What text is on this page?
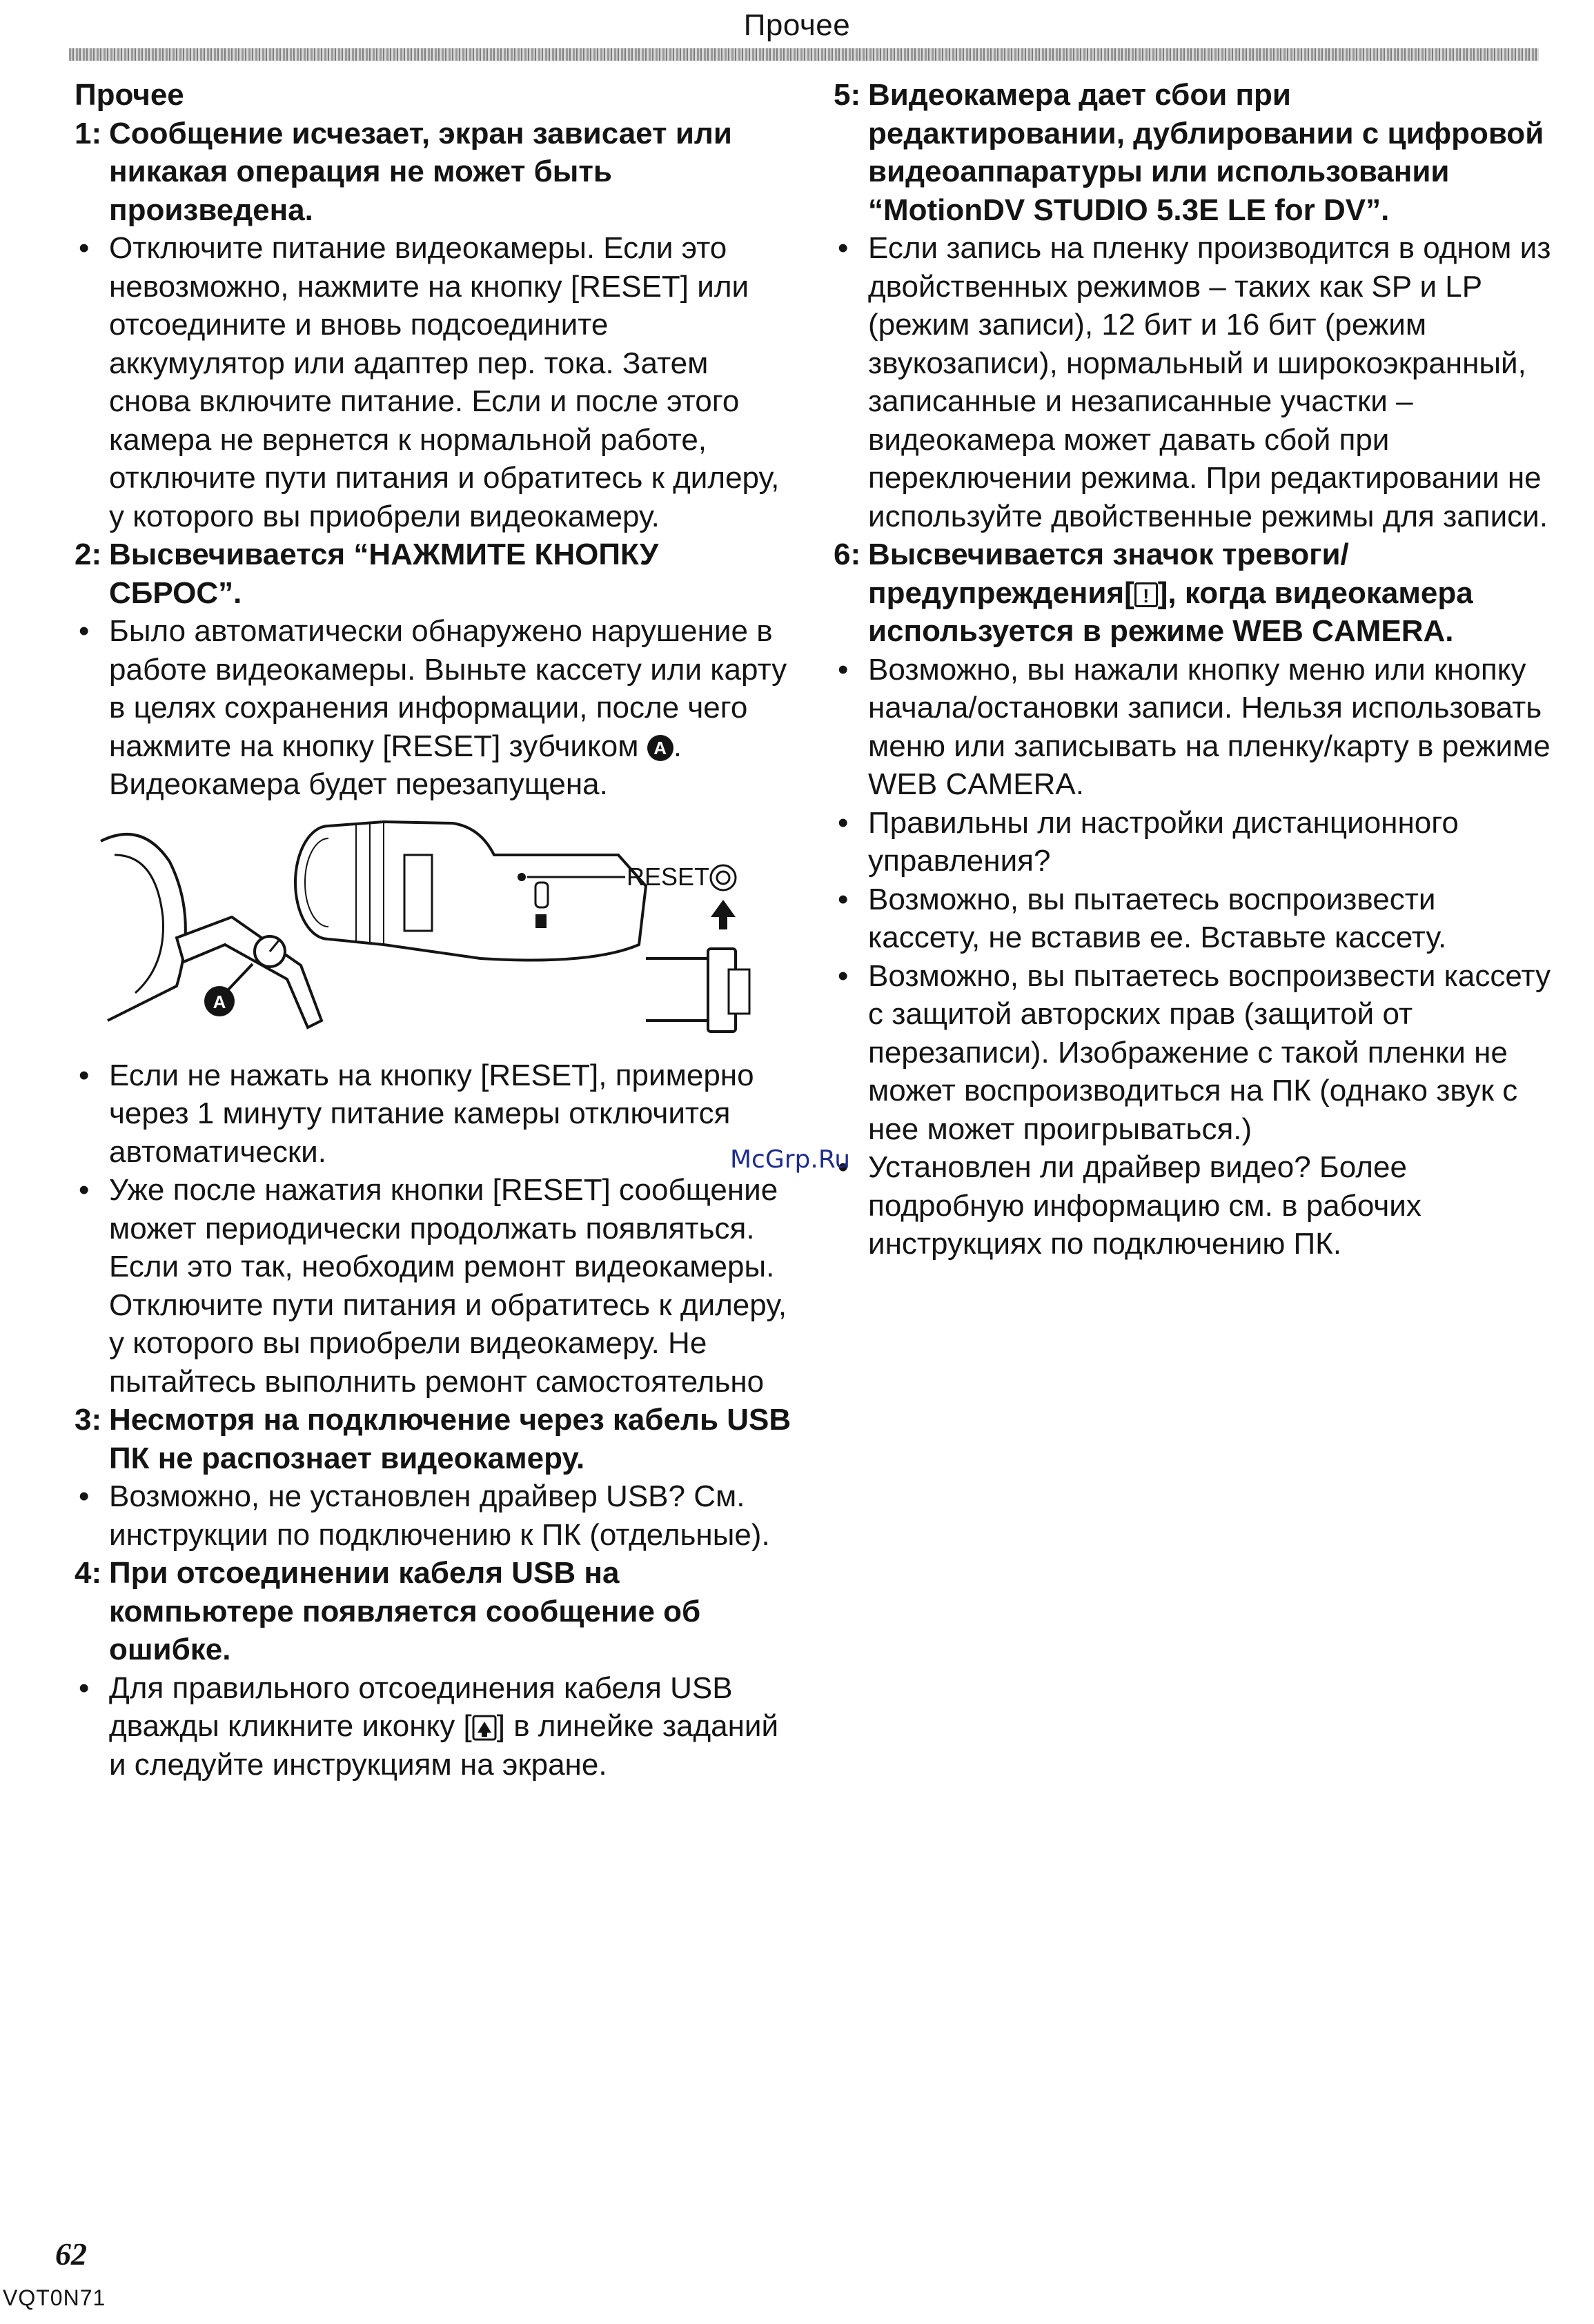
Прочее

Прочее

1: Сообщение исчезает, экран зависает или никакая операция не может быть произведена.

• Отключите питание видеокамеры. Если это невозможно, нажмите на кнопку [RESET] или отсоедините и вновь подсоедините аккумулятор или адаптер пер. тока. Затем снова включите питание. Если и после этого камера не вернется к нормальной работе, отключите пути питания и обратитесь к дилеру, у которого вы приобрели видеокамеру.

2: Высвечивается “НАЖМИТЕ КНОПКУ СБРОС”.

• Было автоматически обнаружено нарушение в работе видеокамеры. Выньте кассету или карту в целях сохранения информации, после чего нажмите на кнопку [RESET] зубчиком A . Видеокамера будет перезапущена.

A
RESET

• Если не нажать на кнопку [RESET], примерно через 1 минуту питание камеры отключится автоматически.

• Уже после нажатия кнопки [RESET] сообщение может периодически продолжать появляться. Если это так, необходим ремонт видеокамеры. Отключите пути питания и обратитесь к дилеру, у которого вы приобрели видеокамеру. Не пытайтесь выполнить ремонт самостоятельно

3: Несмотря на подключение через кабель USB ПК не распознает видеокамеру.

• Возможно, не установлен драйвер USB? См. инструкции по подключению к ПК (отдельные).

4: При отсоединении кабеля USB на компьютере появляется сообщение об ошибке.

• Для правильного отсоединения кабеля USB дважды кликните иконку [ ] в линейке заданий и следуйте инструкциям на экране.

5: Видеокамера дает сбои при редактировании, дублировании с цифровой видеоаппаратуры или использовании “MotionDV STUDIO 5.3E LE for DV”.

• Если запись на пленку производится в одном из двойственных режимов – таких как SP и LP (режим записи), 12 бит и 16 бит (режим звукозаписи), нормальный и широкоэкранный, записанные и незаписанные участки – видеокамера может давать сбой при переключении режима. При редактировании не используйте двойственные режимы для записи.

6: Высвечивается значок тревоги/ предупреждения[ ! ], когда видеокамера используется в режиме WEB CAMERA.

• Возможно, вы нажали кнопку меню или кнопку начала/остановки записи. Нельзя использовать меню или записывать на пленку/карту в режиме WEB CAMERA.

• Правильны ли настройки дистанционного управления?

• Возможно, вы пытаетесь воспроизвести кассету, не вставив ее. Вставьте кассету.

• Возможно, вы пытаетесь воспроизвести кассету с защитой авторских прав (защитой от перезаписи). Изображение с такой пленки не может воспроизводиться на ПК (однако звук с нее может проигрываться.)

• Установлен ли драйвер видео? Более подробную информацию см. в рабочих инструкциях по подключению ПК.

McGrp.Ru
62
VQT0N71
